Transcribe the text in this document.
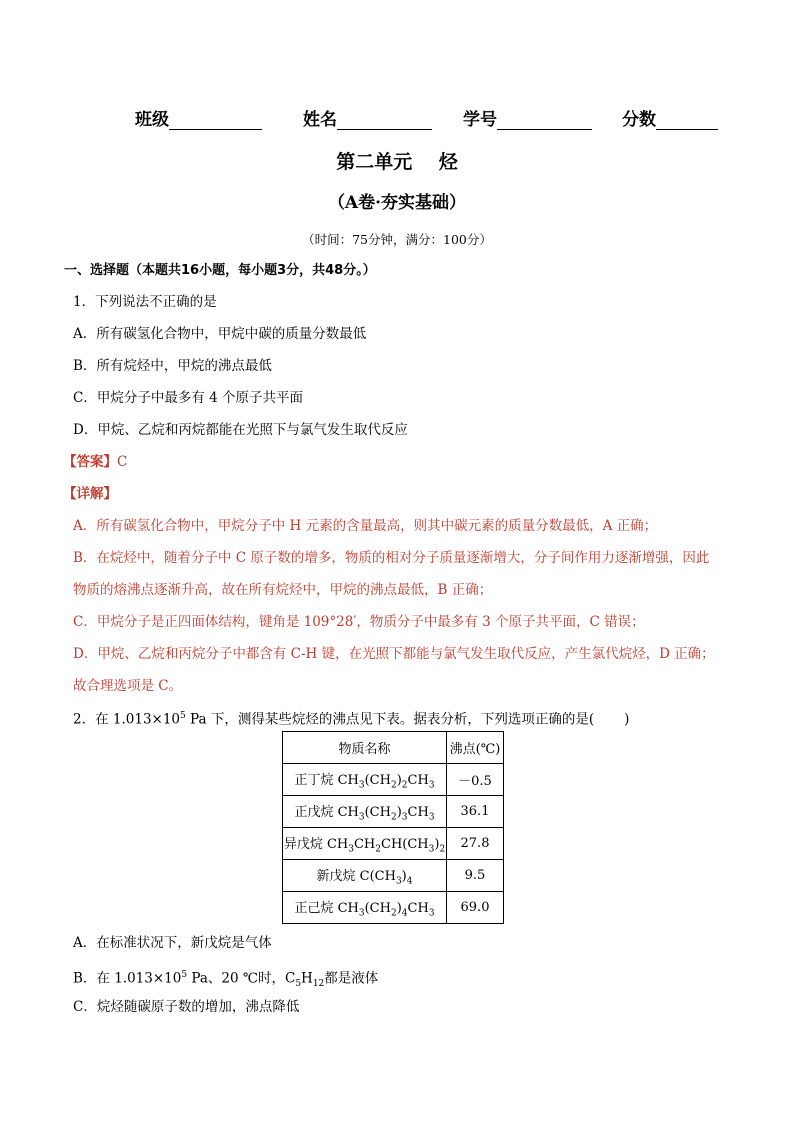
班级	姓名	学号	分数
第二单元    烃
（A卷·夯实基础）
（时间：75分钟，满分：100分）
一、选择题（本题共16小题，每小题3分，共48分。）
1．下列说法不正确的是
A．所有碳氢化合物中，甲烷中碳的质量分数最低
B．所有烷烃中，甲烷的沸点最低
C．甲烷分子中最多有 4 个原子共平面
D．甲烷、乙烷和丙烷都能在光照下与氯气发生取代反应
【答案】C
【详解】
A．所有碳氢化合物中，甲烷分子中 H 元素的含量最高，则其中碳元素的质量分数最低，A 正确；
B．在烷烃中，随着分子中 C 原子数的增多，物质的相对分子质量逐渐增大，分子间作用力逐渐增强，因此
物质的熔沸点逐渐升高，故在所有烷烃中，甲烷的沸点最低，B 正确；
C．甲烷分子是正四面体结构，键角是 109°28′，物质分子中最多有 3 个原子共平面，C 错误；
D．甲烷、乙烷和丙烷分子中都含有 C-H 键，在光照下都能与氯气发生取代反应，产生氯代烷烃，D 正确；
故合理选项是 C。
2．在 $1.013\times 10^5$ Pa 下，测得某些烷烃的沸点见下表。据表分析，下列选项正确的是(       )
物质名称	沸点(℃)
正丁烷 $CH_3(CH_2)_2CH_3$	－0.5
正戊烷 $CH_3(CH_2)_3CH_3$	36.1
异戊烷 $CH_3CH_2CH(CH_3)_2$	27.8
新戊烷 $C(CH_3)_4$	9.5
正己烷 $CH_3(CH_2)_4CH_3$	69.0
A．在标准状况下，新戊烷是气体
B．在 $1.013\times 10^5$ Pa、20 ℃时，$C_5H_{12}$都是液体
C．烷烃随碳原子数的增加，沸点降低
